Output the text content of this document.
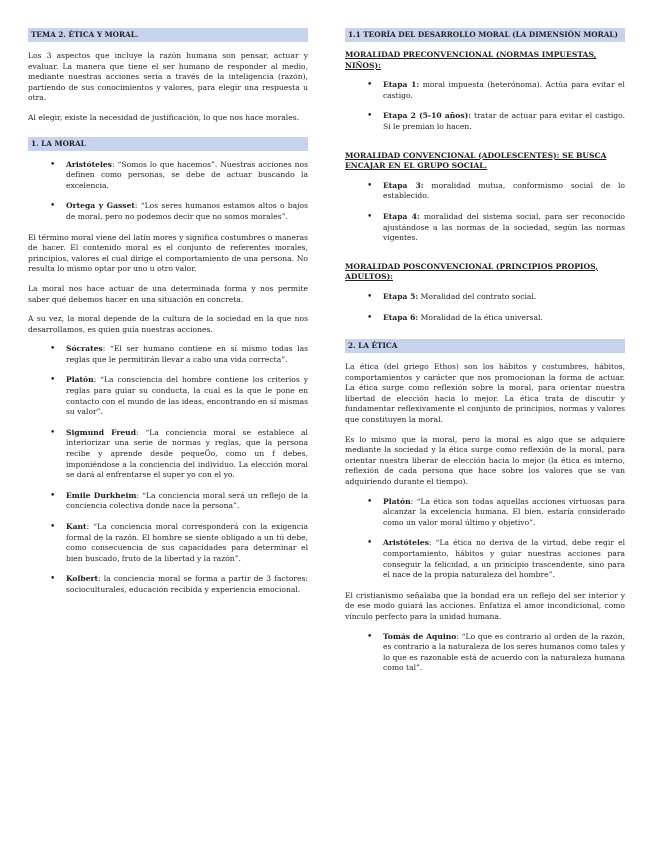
TEMA 2. ÉTICA Y MORAL.

Los 3 aspectos que incluye la razón humana son pensar, actuar y evaluar. La manera que tiene el ser humano de responder al medio, mediante nuestras acciones sería a través de la inteligencia (razón), partiendo de sus conocimientos y valores, para elegir una respuesta u otra.

Al elegir, existe la necesidad de justificación, lo que nos hace morales.

1. LA MORAL
• Aristóteles: “Somos lo que hacemos”. Nuestras acciones nos definen como personas, se debe de actuar buscando la excelencia.
• Ortega y Gasset: “Los seres humanos estamos altos o bajos de moral, pero no podemos decir que no somos morales”.

El término moral viene del latín mores y significa costumbres o maneras de hacer. El contenido moral es el conjunto de referentes morales, principios, valores el cual dirige el comportamiento de una persona. No resulta lo mismo optar por uno u otro valor.

La moral nos hace actuar de una determinada forma y nos permite saber qué debemos hacer en una situación en concreta.

A su vez, la moral depende de la cultura de la sociedad en la que nos desarrollamos, es quien guía nuestras acciones.

• Sócrates: “El ser humano contiene en sí mismo todas las reglas que le permitirán llevar a cabo una vida correcta”.
• Platón: “La consciencia del hombre contiene los criterios y reglas para guiar su conducta, la cual es la que le pone en contacto con el mundo de las ideas, encontrando en sí mismas su valor”.
• Sigmund Freud: “La conciencia moral se establece al interiorizar una serie de normas y reglas, que la persona recibe y aprende desde pequeÖo, como un f debes, imponiéndose a la conciencia del individuo. La elección moral se dará al enfrentarse el super yo con el yo.
• Emile Durkheim: “La conciencia moral será un reflejo de la conciencia colectiva donde nace la persona”.
• Kant: “La conciencia moral corresponderá con la exigencia formal de la razón. El hombre se siente obligado a un tú debe, como consecuencia de sus capacidades para determinar el bien buscado, fruto de la libertad y la razón”.
• Kolbert: la conciencia moral se forma a partir de 3 factores: socioculturales, educación recibida y experiencia emocional.
1.1 TEORÍA DEL DESARROLLO MORAL (LA DIMENSIÓN MORAL)
MORALIDAD PRECONVENCIONAL (NORMAS IMPUESTAS, NIÑOS):
• Etapa 1: moral impuesta (heterónoma). Actúa para evitar el castigo.
• Etapa 2 (5-10 años): tratar de actuar para evitar el castigo. Si le premian lo hacen.
MORALIDAD CONVENCIONAL (ADOLESCENTES): SE BUSCA ENCAJAR EN EL GRUPO SOCIAL.
• Etapa 3: moralidad mutua, conformismo social de lo establecido.
• Etapa 4: moralidad del sistema social, para ser reconocido ajustándose a las normas de la sociedad, según las normas vigentes.
MORALIDAD POSCONVENCIONAL (PRINCIPIOS PROPIOS, ADULTOS):
• Etapa 5: Moralidad del contrato social.
• Etapa 6: Moralidad de la ética universal.
2. LA ÉTICA

La ética (del griego Ethos) son los hábitos y costumbres, hábitos, comportamientos y carácter que nos promocionan la forma de actuar. La ética surge como reflexión sobre la moral, para orientar nuestra libertad de elección hacia lo mejor. La ética trata de discutir y fundamentar reflexivamente el conjunto de principios, normas y valores que constituyen la moral.

Es lo mismo que la moral, pero la moral es algo que se adquiere mediante la sociedad y la ética surge como reflexión de la moral, para orientar nuestra liberar de elección hacia lo mejor (la ética es interno, reflexión de cada persona que hace sobre los valores que se van adquiriendo durante el tiempo).

• Platón: “La ética son todas aquellas acciones virtuosas para alcanzar la excelencia humana. El bien, estaría considerado como un valor moral último y objetivo”.
• Aristóteles: “La ética no deriva de la virtud, debe regir el comportamiento, hábitos y guiar nuestras acciones para conseguir la felicidad, a un principio trascendente, sino para el nace de la propia naturaleza del hombre”.

El cristianismo señalaba que la bondad era un reflejo del ser interior y de ese modo guiará las acciones. Enfatiza el amor incondicional, como vínculo perfecto para la unidad humana.

• Tomás de Aquino: “Lo que es contrario al orden de la razón, es contrario a la naturaleza de los seres humanos como tales y lo que es razonable está de acuerdo con la naturaleza humana como tal”.
